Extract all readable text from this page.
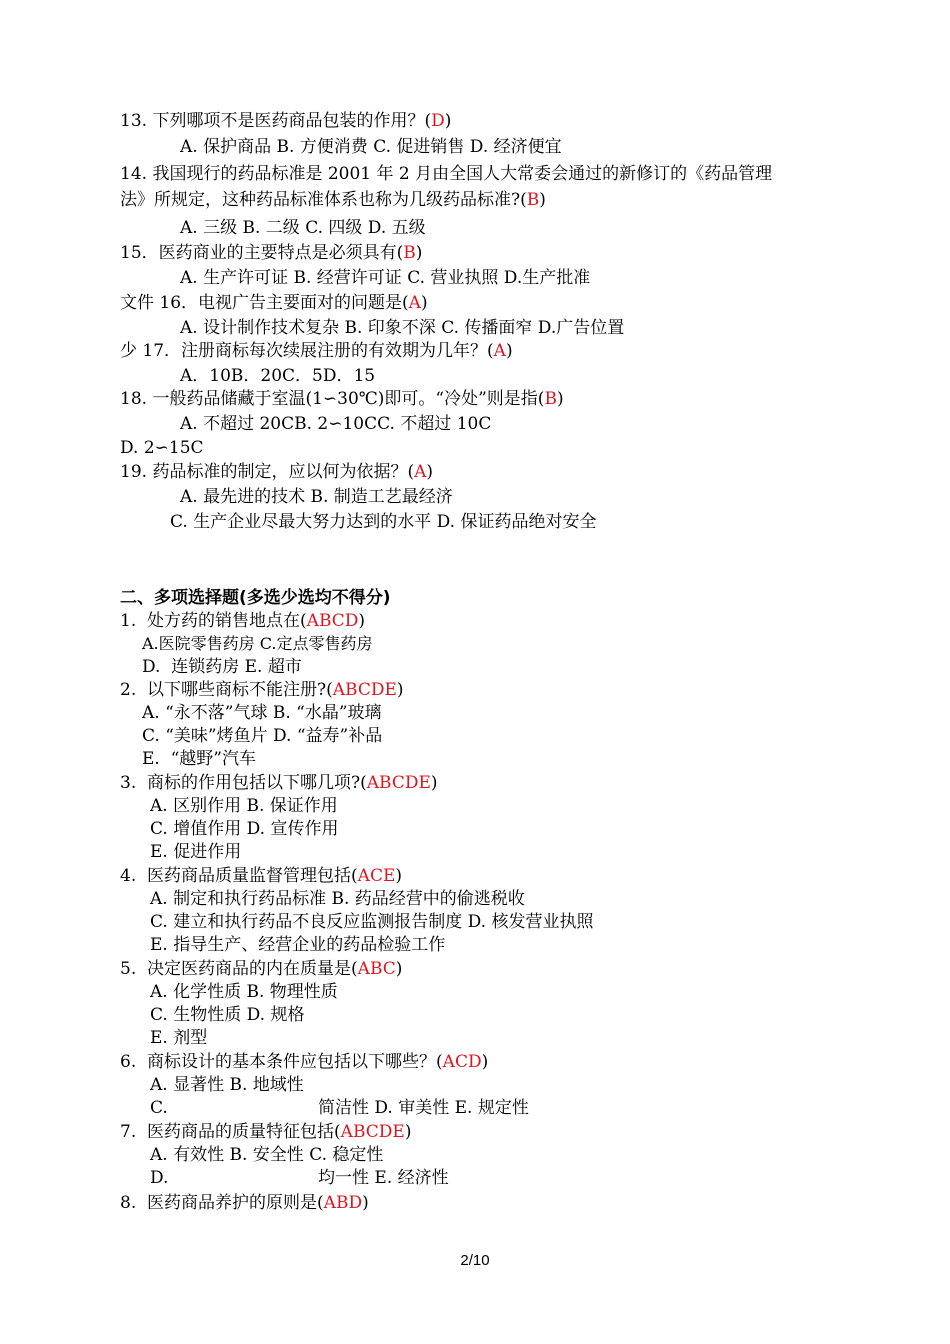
13. 下列哪项不是医药商品包装的作用？(D)
A. 保护商品 B. 方便消费 C. 促进销售 D. 经济便宜
14. 我国现行的药品标准是 2001 年 2 月由全国人大常委会通过的新修订的《药品管理
法》所规定，这种药品标准体系也称为几级药品标准?(B)
A. 三级 B. 二级 C. 四级 D. 五级
15．医药商业的主要特点是必须具有(B)
A. 生产许可证 B. 经营许可证 C. 营业执照 D.生产批准
文件 16．电视广告主要面对的问题是(A)
A. 设计制作技术复杂 B. 印象不深 C. 传播面窄 D.广告位置
少 17．注册商标每次续展注册的有效期为几年？(A)
A．10B．20C．5D．15
18. 一般药品储藏于室温(1∽30℃)即可。“冷处”则是指(B)
A. 不超过 20CB. 2∽10CC. 不超过 10C
D. 2∽15C
19. 药品标准的制定，应以何为依据？(A)
A. 最先进的技术 B. 制造工艺最经济
C. 生产企业尽最大努力达到的水平 D. 保证药品绝对安全
二、多项选择题(多选少选均不得分)
1.  处方药的销售地点在(ABCD)
A.医院零售药房 C.定点零售药房
D.  连锁药房 E. 超市
2.  以下哪些商标不能注册?(ABCDE)
A. “永不落”气球 B. “水晶”玻璃
C. “美味”烤鱼片 D. “益寿”补品
E.  “越野”汽车
3.  商标的作用包括以下哪几项?(ABCDE)
A. 区别作用 B. 保证作用
C. 增值作用 D. 宣传作用
E. 促进作用
4.  医药商品质量监督管理包括(ACE)
A. 制定和执行药品标准 B. 药品经营中的偷逃税收
C. 建立和执行药品不良反应监测报告制度 D. 核发营业执照
E. 指导生产、经营企业的药品检验工作
5.  决定医药商品的内在质量是(ABC)
A. 化学性质 B. 物理性质
C. 生物性质 D. 规格
E. 剂型
6.  商标设计的基本条件应包括以下哪些？(ACD)
A. 显著性 B. 地域性
C.	简洁性 D. 审美性 E. 规定性
7.  医药商品的质量特征包括(ABCDE)
A. 有效性 B. 安全性 C. 稳定性
D.	均一性 E. 经济性
8.  医药商品养护的原则是(ABD)
2/10
